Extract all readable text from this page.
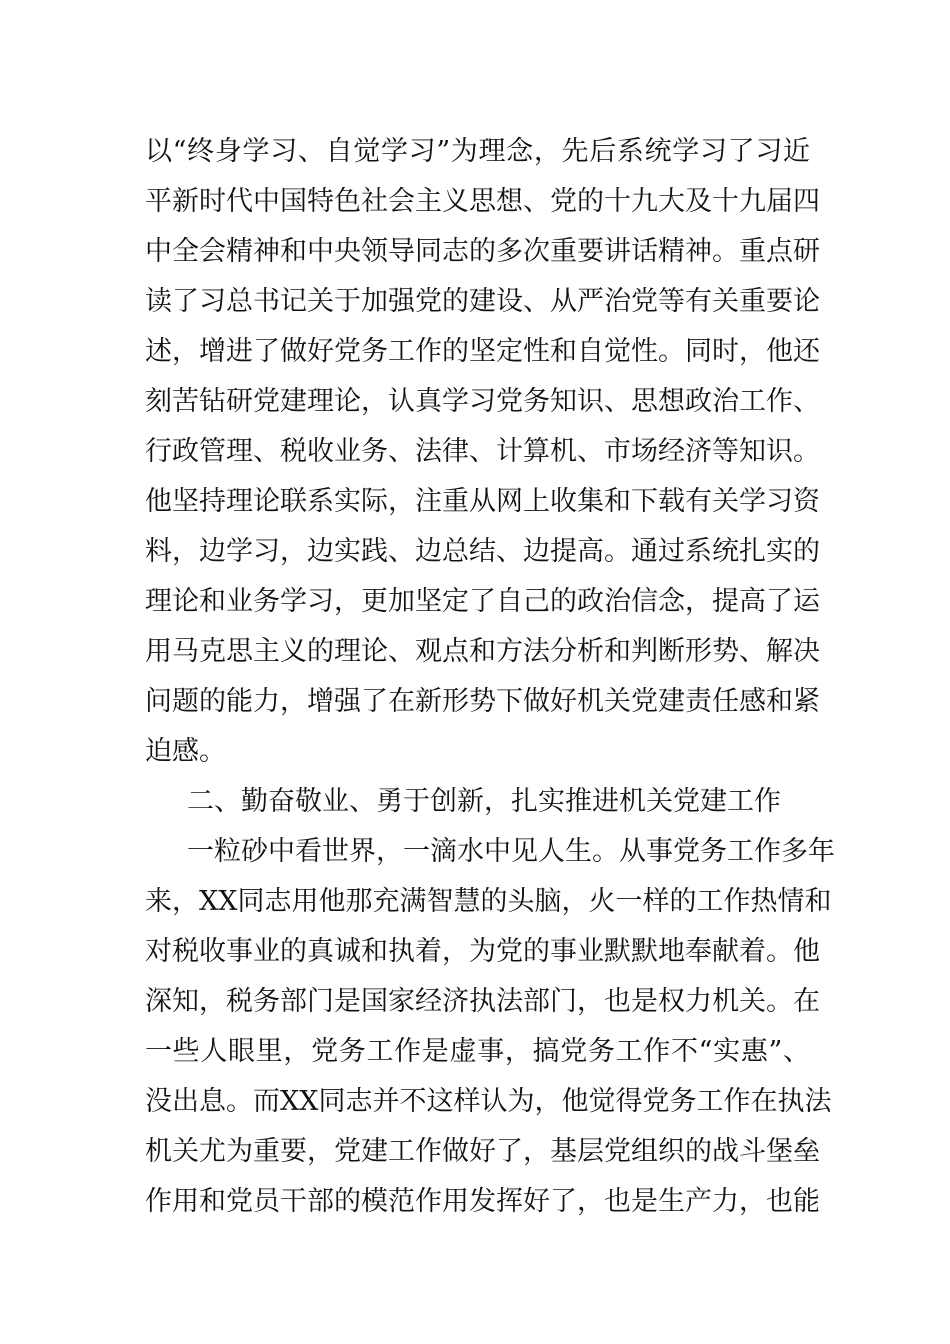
以“终身学习、自觉学习”为理念，先后系统学习了习近
平新时代中国特色社会主义思想、党的十九大及十九届四
中全会精神和中央领导同志的多次重要讲话精神。重点研
读了习总书记关于加强党的建设、从严治党等有关重要论
述，增进了做好党务工作的坚定性和自觉性。同时，他还
刻苦钻研党建理论，认真学习党务知识、思想政治工作、
行政管理、税收业务、法律、计算机、市场经济等知识。
他坚持理论联系实际，注重从网上收集和下载有关学习资
料，边学习，边实践、边总结、边提高。通过系统扎实的
理论和业务学习，更加坚定了自己的政治信念，提高了运
用马克思主义的理论、观点和方法分析和判断形势、解决
问题的能力，增强了在新形势下做好机关党建责任感和紧
迫感。
二、勤奋敬业、勇于创新，扎实推进机关党建工作
一粒砂中看世界，一滴水中见人生。从事党务工作多年
来，XX同志用他那充满智慧的头脑，火一样的工作热情和
对税收事业的真诚和执着，为党的事业默默地奉献着。他
深知，税务部门是国家经济执法部门，也是权力机关。在
一些人眼里，党务工作是虚事，搞党务工作不“实惠”、
没出息。而XX同志并不这样认为，他觉得党务工作在执法
机关尤为重要，党建工作做好了，基层党组织的战斗堡垒
作用和党员干部的模范作用发挥好了，也是生产力，也能
